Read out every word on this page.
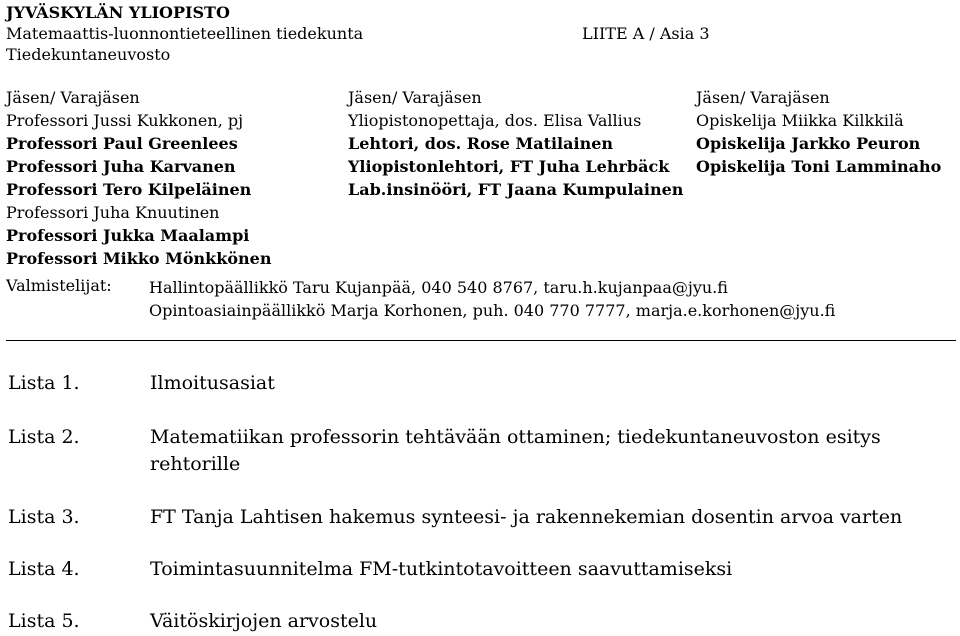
JYVÄSKYLÄN YLIOPISTO
Matemaattis-luonnontieteellinen tiedekunta
Tiedekuntaneuvosto
LIITE A / Asia 3
Jäsen/ Varajäsen
Professori Jussi Kukkonen, pj
Professori Paul Greenlees
Professori Juha Karvanen
Professori Tero Kilpeläinen
Professori Juha Knuutinen
Professori Jukka Maalampi
Professori Mikko Mönkkönen
Jäsen/ Varajäsen
Yliopistonopettaja, dos. Elisa Vallius
Lehtori, dos. Rose Matilainen
Yliopistonlehtori, FT Juha Lehrbäck
Lab.insinööri, FT Jaana Kumpulainen
Jäsen/ Varajäsen
Opiskelija Miikka Kilkkilä
Opiskelija Jarkko Peuron
Opiskelija Toni Lamminaho
Valmistelijat: Hallintopäällikkö Taru Kujanpää, 040 540 8767, taru.h.kujanpaa@jyu.fi
Opintoasiainpäällikkö Marja Korhonen, puh. 040 770 7777, marja.e.korhonen@jyu.fi
Lista 1.	Ilmoitusasiat
Lista 2.	Matematiikan professorin tehtävään ottaminen; tiedekuntaneuvoston esitys rehtorille
Lista 3.	FT Tanja Lahtisen hakemus synteesi- ja rakennekemian dosentin arvoa varten
Lista 4.	Toimintasuunnitelma FM-tutkintotavoitteen saavuttamiseksi
Lista 5.	Väitöskirjojen arvostelu
